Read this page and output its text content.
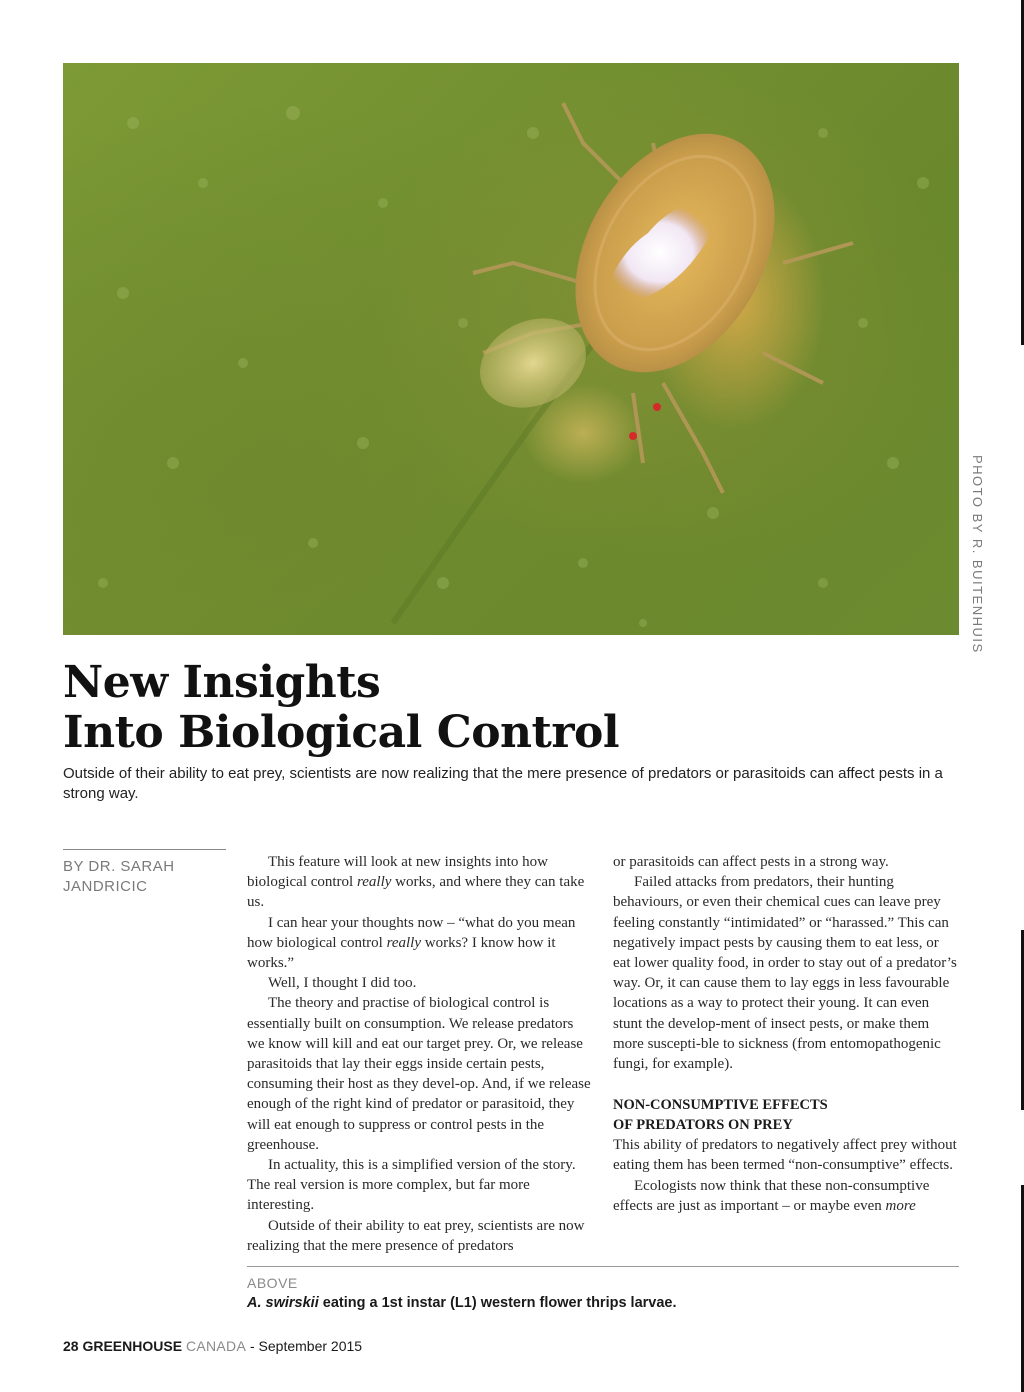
PHOTO BY R. BUITENHUIS
New Insights
Into Biological Control

Outside of their ability to eat prey, scientists are now realizing that the mere presence of predators or parasitoids can affect pests in a strong way.

BY DR. SARAH
JANDRICIC

This feature will look at new insights into how biological control really works, and where they can take us.

I can hear your thoughts now – “what do you mean how biological control really works? I know how it works.”

Well, I thought I did too.

The theory and practise of biological control is essentially built on consumption. We release predators we know will kill and eat our target prey. Or, we release parasitoids that lay their eggs inside certain pests, consuming their host as they devel-op. And, if we release enough of the right kind of predator or parasitoid, they will eat enough to suppress or control pests in the greenhouse.

In actuality, this is a simplified version of the story. The real version is more complex, but far more interesting.

Outside of their ability to eat prey, scientists are now realizing that the mere presence of predators

or parasitoids can affect pests in a strong way.

Failed attacks from predators, their hunting behaviours, or even their chemical cues can leave prey feeling constantly “intimidated” or “harassed.” This can negatively impact pests by causing them to eat less, or eat lower quality food, in order to stay out of a predator’s way. Or, it can cause them to lay eggs in less favourable locations as a way to protect their young. It can even stunt the develop-ment of insect pests, or make them more suscepti-ble to sickness (from entomopathogenic fungi, for example).

NON-CONSUMPTIVE EFFECTS
OF PREDATORS ON PREY

This ability of predators to negatively affect prey without eating them has been termed “non-consumptive” effects.

Ecologists now think that these non-consumptive effects are just as important – or maybe even more

ABOVE
A. swirskii eating a 1st instar (L1) western flower thrips larvae.
28 GREENHOUSE CANADA - September 2015
